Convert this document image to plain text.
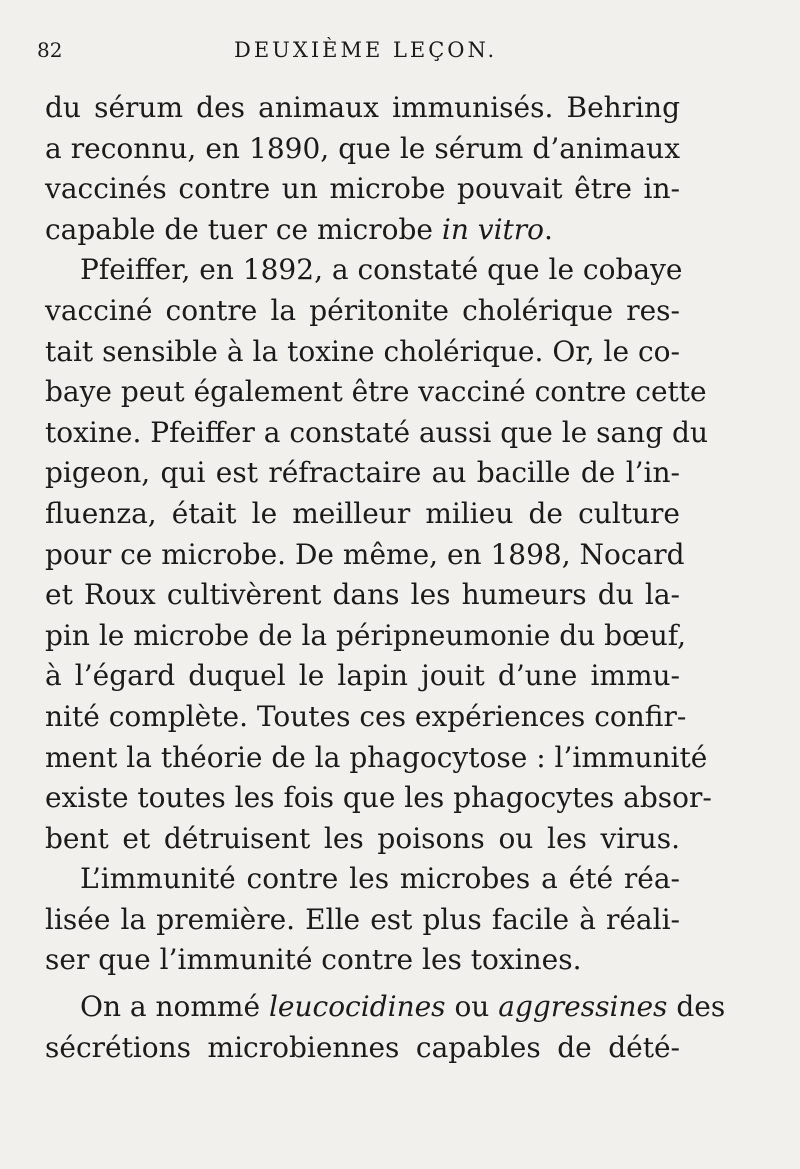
82	DEUXIÈME LEÇON.
du sérum des animaux immunisés. Behring
a reconnu, en 1890, que le sérum d’animaux
vaccinés contre un microbe pouvait être in-
capable de tuer ce microbe in vitro.
Pfeiffer, en 1892, a constaté que le cobaye
vacciné contre la péritonite cholérique res-
tait sensible à la toxine cholérique. Or, le co-
baye peut également être vacciné contre cette
toxine. Pfeiffer a constaté aussi que le sang du
pigeon, qui est réfractaire au bacille de l’in-
fluenza, était le meilleur milieu de culture
pour ce microbe. De même, en 1898, Nocard
et Roux cultivèrent dans les humeurs du la-
pin le microbe de la péripneumonie du bœuf,
à l’égard duquel le lapin jouit d’une immu-
nité complète. Toutes ces expériences confir-
ment la théorie de la phagocytose : l’immunité
existe toutes les fois que les phagocytes absor-
bent et détruisent les poisons ou les virus.
L’immunité contre les microbes a été réa-
lisée la première. Elle est plus facile à réali-
ser que l’immunité contre les toxines.
On a nommé leucocidines ou aggressines des
sécrétions microbiennes capables de dété-
